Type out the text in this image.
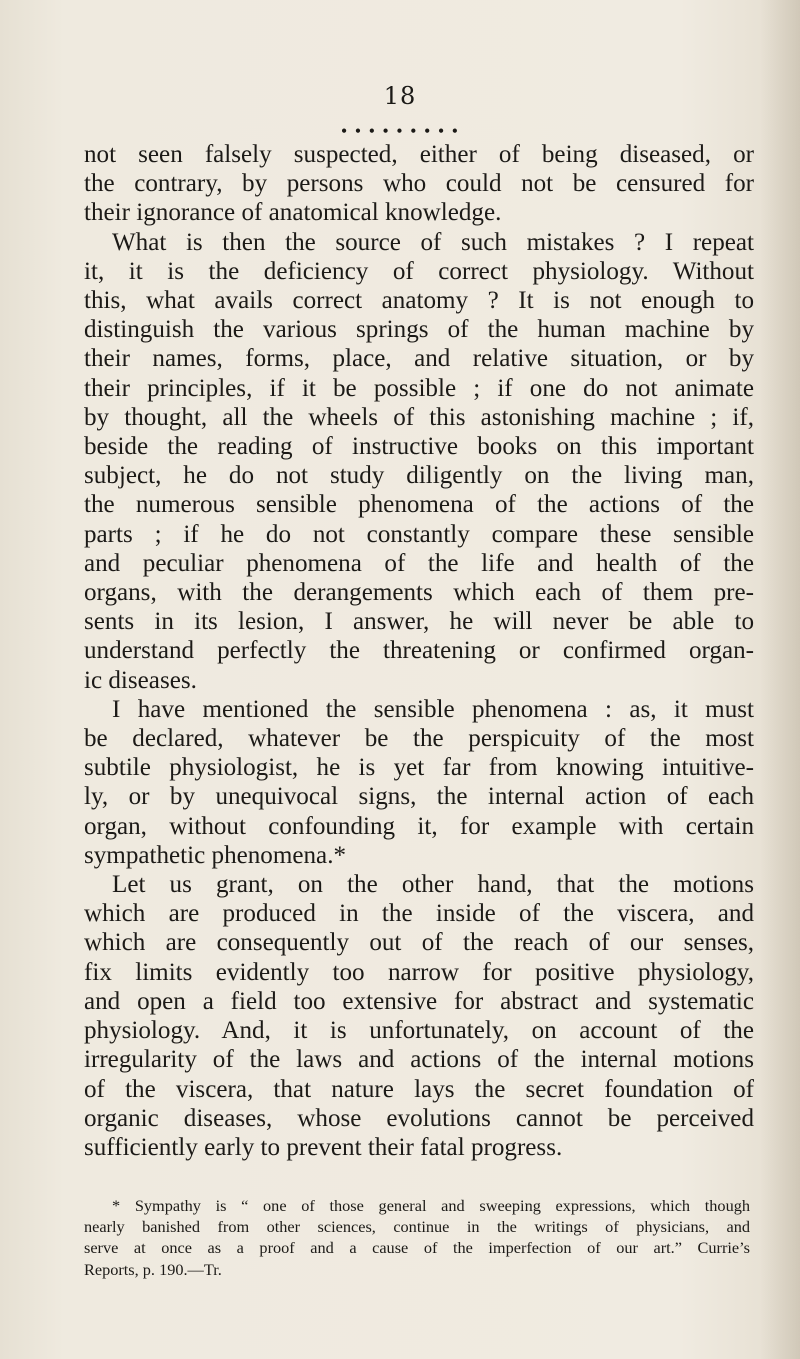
18
• • • • • • • • •
not seen falsely suspected, either of being diseased, or
the contrary, by persons who could not be censured for
their ignorance of anatomical knowledge.
What is then the source of such mistakes ? I repeat
it, it is the deficiency of correct physiology. Without
this, what avails correct anatomy ? It is not enough to
distinguish the various springs of the human machine by
their names, forms, place, and relative situation, or by
their principles, if it be possible ; if one do not animate
by thought, all the wheels of this astonishing machine ; if,
beside the reading of instructive books on this important
subject, he do not study diligently on the living man,
the numerous sensible phenomena of the actions of the
parts ; if he do not constantly compare these sensible
and peculiar phenomena of the life and health of the
organs, with the derangements which each of them pre-
sents in its lesion, I answer, he will never be able to
understand perfectly the threatening or confirmed organ-
ic diseases.
I have mentioned the sensible phenomena : as, it must
be declared, whatever be the perspicuity of the most
subtile physiologist, he is yet far from knowing intuitive-
ly, or by unequivocal signs, the internal action of each
organ, without confounding it, for example with certain
sympathetic phenomena.*
Let us grant, on the other hand, that the motions
which are produced in the inside of the viscera, and
which are consequently out of the reach of our senses,
fix limits evidently too narrow for positive physiology,
and open a field too extensive for abstract and systematic
physiology. And, it is unfortunately, on account of the
irregularity of the laws and actions of the internal motions
of the viscera, that nature lays the secret foundation of
organic diseases, whose evolutions cannot be perceived
sufficiently early to prevent their fatal progress.
* Sympathy is “ one of those general and sweeping expressions, which though
nearly banished from other sciences, continue in the writings of physicians, and
serve at once as a proof and a cause of the imperfection of our art.” Currie’s
Reports, p. 190.—Tr.
